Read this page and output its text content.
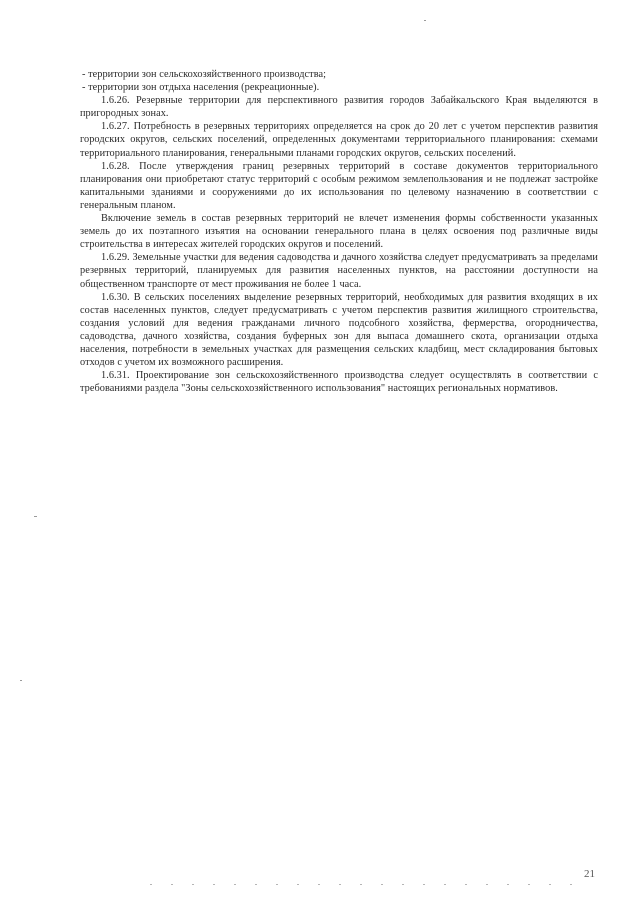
- территории зон сельскохозяйственного производства;

- территории зон отдыха населения (рекреационные).

1.6.26. Резервные территории для перспективного развития городов Забайкальского Края выделяются в пригородных зонах.

1.6.27. Потребность в резервных территориях определяется на срок до 20 лет с учетом перспектив развития городских округов, сельских поселений, определенных документами территориального планирования: схемами территориального планирования, генеральными планами городских округов, сельских поселений.

1.6.28. После утверждения границ резервных территорий в составе документов территориального планирования они приобретают статус территорий с особым режимом землепользования и не подлежат застройке капитальными зданиями и сооружениями до их использования по целевому назначению в соответствии с генеральным планом.

Включение земель в состав резервных территорий не влечет изменения формы собственности указанных земель до их поэтапного изъятия на основании генерального плана в целях освоения под различные виды строительства в интересах жителей городских округов и поселений.

1.6.29. Земельные участки для ведения садоводства и дачного хозяйства следует предусматривать за пределами резервных территорий, планируемых для развития населенных пунктов, на расстоянии доступности на общественном транспорте от мест проживания не более 1 часа.

1.6.30. В сельских поселениях выделение резервных территорий, необходимых для развития входящих в их состав населенных пунктов, следует предусматривать с учетом перспектив развития жилищного строительства, создания условий для ведения гражданами личного подсобного хозяйства, фермерства, огородничества, садоводства, дачного хозяйства, создания буферных зон для выпаса домашнего скота, организации отдыха населения, потребности в земельных участках для размещения сельских кладбищ, мест складирования бытовых отходов с учетом их возможного расширения.

1.6.31. Проектирование зон сельскохозяйственного производства следует осуществлять в соответствии с требованиями раздела "Зоны сельскохозяйственного использования" настоящих региональных нормативов.

21
